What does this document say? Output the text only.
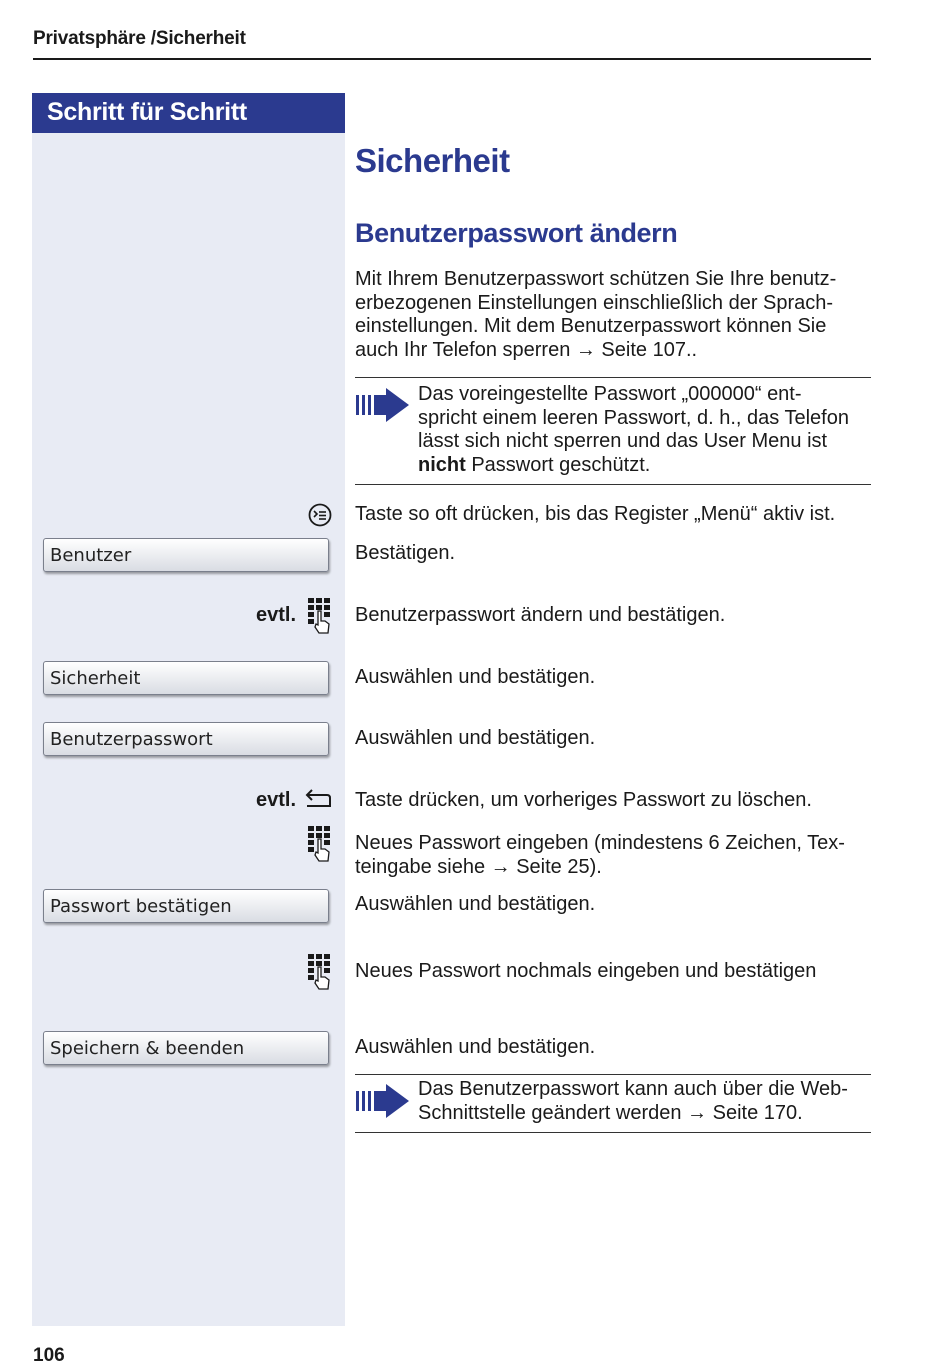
Privatsphäre /Sicherheit
Schritt für Schritt
Sicherheit
Benutzerpasswort ändern
Mit Ihrem Benutzerpasswort schützen Sie Ihre benutz-
erbezogenen Einstellungen einschließlich der Sprach-
einstellungen. Mit dem Benutzerpasswort können Sie
auch Ihr Telefon sperren → Seite 107..
Das voreingestellte Passwort „000000“ ent-
spricht einem leeren Passwort, d. h., das Telefon
lässt sich nicht sperren und das User Menu ist
nicht Passwort geschützt.
Taste so oft drücken, bis das Register „Menü“ aktiv ist.
Benutzer	Bestätigen.
evtl.	Benutzerpasswort ändern und bestätigen.
Sicherheit	Auswählen und bestätigen.
Benutzerpasswort	Auswählen und bestätigen.
evtl.	Taste drücken, um vorheriges Passwort zu löschen.
Neues Passwort eingeben (mindestens 6 Zeichen, Tex-
teingabe siehe → Seite 25).
Passwort bestätigen	Auswählen und bestätigen.
Neues Passwort nochmals eingeben und bestätigen
Speichern & beenden	Auswählen und bestätigen.
Das Benutzerpasswort kann auch über die Web-
Schnittstelle geändert werden → Seite 170.
106
